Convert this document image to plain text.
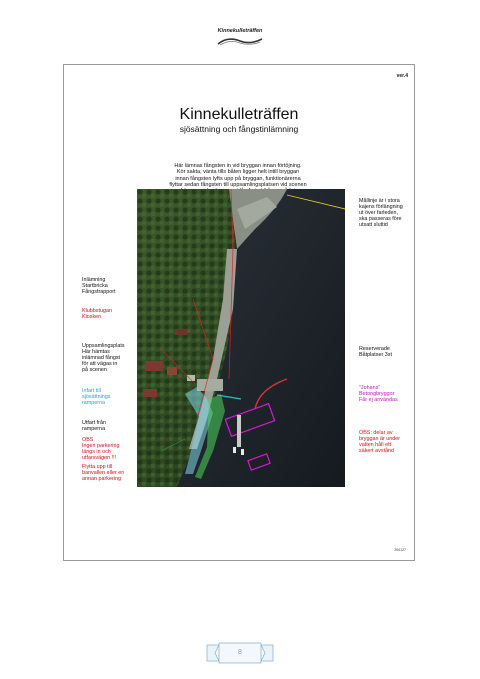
Kinnekulleträffen
ver.4
Kinnekulleträffen
sjösättning och fångstinlämning
Här lämnas fångsten in vid bryggan innan förtöjning.
Kör sakta, vänta tills båten ligger helt intill bryggan
innan fångsten lyfts upp på bryggan, funktionärerna
flyttar sedan fångsten till uppsamlingsplatsen vid scenen
Inlämning
Startbricka
Fångstrapport
Klubbstugan
Kiosken
Uppsamlingsplats
Här hämtas
inlämnad fångst
för att vägas in
på scenen
Infart till
sjösättnings
ramperna
Utfart från
ramperna
OBS
Ingen parkering
längs in och
utfarsvägen !!!
Flytta upp till
banvallen eller en
annan parkering
Mållinje är i stora
kajens förlängning
ut över farleden,
ska passeras före
utsatt sluttid
Reserverade
Båtplatser 3st
"Johans"
Betongbryggor
Får ej användas
OBS: delar av
bryggan är under
vatten håll ett
säkert avstånd
200127
8
